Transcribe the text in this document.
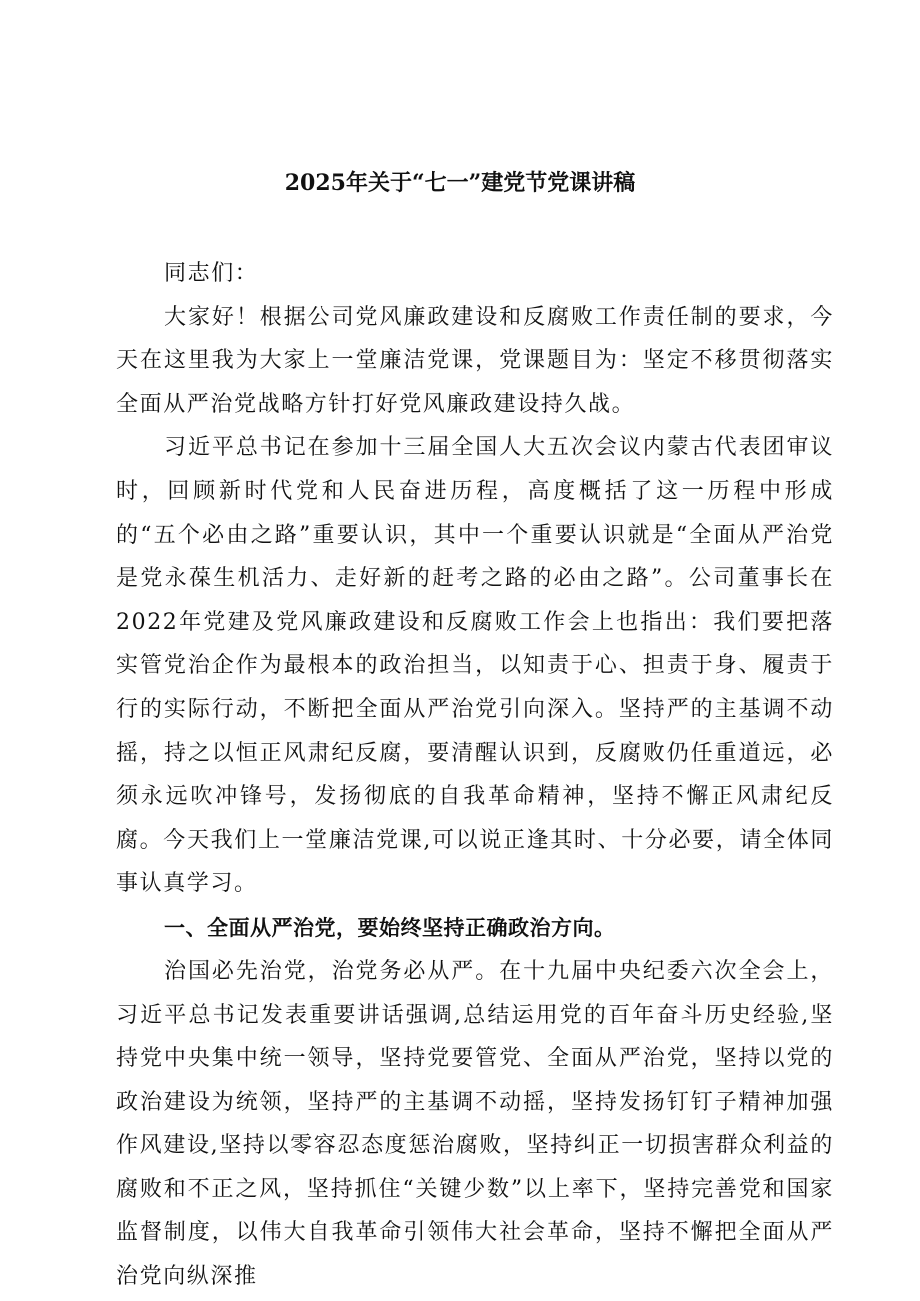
2025年关于“七一”建党节党课讲稿

同志们：

大家好！根据公司党风廉政建设和反腐败工作责任制的要求，今天在这里我为大家上一堂廉洁党课，党课题目为：坚定不移贯彻落实全面从严治党战略方针打好党风廉政建设持久战。

习近平总书记在参加十三届全国人大五次会议内蒙古代表团审议时，回顾新时代党和人民奋进历程，高度概括了这一历程中形成的“五个必由之路”重要认识，其中一个重要认识就是“全面从严治党是党永葆生机活力、走好新的赶考之路的必由之路”。公司董事长在2022年党建及党风廉政建设和反腐败工作会上也指出：我们要把落实管党治企作为最根本的政治担当，以知责于心、担责于身、履责于行的实际行动，不断把全面从严治党引向深入。坚持严的主基调不动摇，持之以恒正风肃纪反腐，要清醒认识到，反腐败仍任重道远，必须永远吹冲锋号，发扬彻底的自我革命精神，坚持不懈正风肃纪反腐。今天我们上一堂廉洁党课,可以说正逢其时、十分必要，请全体同事认真学习。

一、全面从严治党，要始终坚持正确政治方向。

治国必先治党，治党务必从严。在十九届中央纪委六次全会上，习近平总书记发表重要讲话强调,总结运用党的百年奋斗历史经验,坚持党中央集中统一领导，坚持党要管党、全面从严治党，坚持以党的政治建设为统领，坚持严的主基调不动摇，坚持发扬钉钉子精神加强作风建设,坚持以零容忍态度惩治腐败，坚持纠正一切损害群众利益的腐败和不正之风，坚持抓住“关键少数”以上率下，坚持完善党和国家监督制度，以伟大自我革命引领伟大社会革命，坚持不懈把全面从严治党向纵深推
